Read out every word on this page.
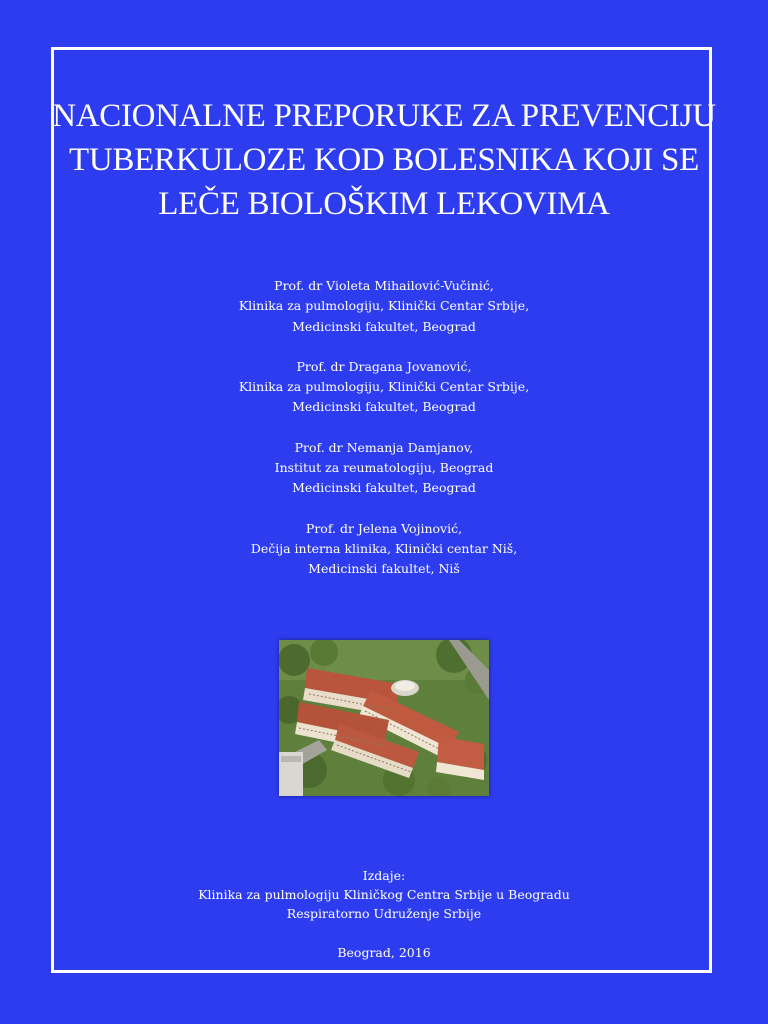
NACIONALNE PREPORUKE ZA PREVENCIJU
TUBERKULOZE KOD BOLESNIKA KOJI SE
LEČE BIOLOŠKIM LEKOVIMA
Prof. dr Violeta Mihailović-Vučinić,
Klinika za pulmologiju, Klinički Centar Srbije,
Medicinski fakultet, Beograd
Prof. dr Dragana Jovanović,
Klinika za pulmologiju, Klinički Centar Srbije,
Medicinski fakultet, Beograd
Prof. dr Nemanja Damjanov,
Institut za reumatologiju, Beograd
Medicinski fakultet, Beograd
Prof. dr Jelena Vojinović,
Dečija interna klinika, Klinički centar Niš,
Medicinski fakultet, Niš
Izdaje:
Klinika za pulmologiju Kliničkog Centra Srbije u Beogradu
Respiratorno Udruženje Srbije
Beograd, 2016
